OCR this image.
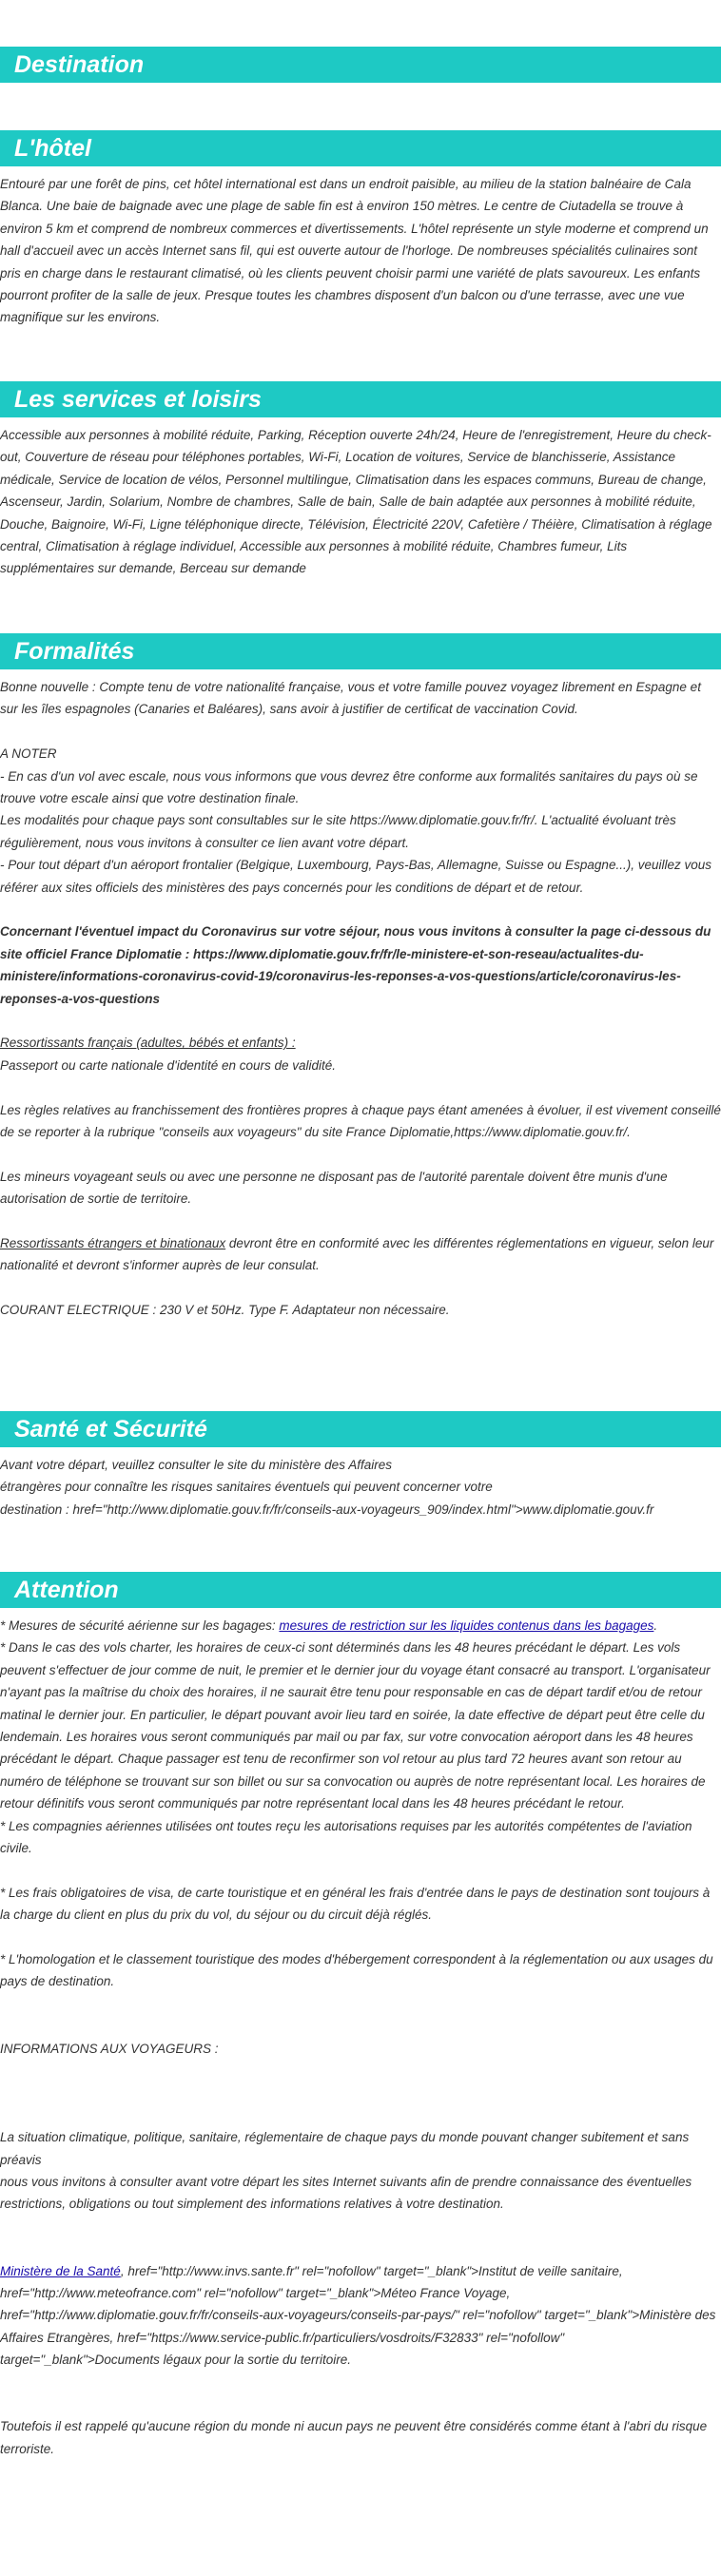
Destination
L'hôtel
Entouré par une forêt de pins, cet hôtel international est dans un endroit paisible, au milieu de la station balnéaire de Cala Blanca. Une baie de baignade avec une plage de sable fin est à environ 150 mètres. Le centre de Ciutadella se trouve à environ 5 km et comprend de nombreux commerces et divertissements. L'hôtel représente un style moderne et comprend un hall d'accueil avec un accès Internet sans fil, qui est ouverte autour de l'horloge. De nombreuses spécialités culinaires sont pris en charge dans le restaurant climatisé, où les clients peuvent choisir parmi une variété de plats savoureux. Les enfants pourront profiter de la salle de jeux. Presque toutes les chambres disposent d'un balcon ou d'une terrasse, avec une vue magnifique sur les environs.
Les services et loisirs
Accessible aux personnes à mobilité réduite, Parking, Réception ouverte 24h/24, Heure de l'enregistrement, Heure du check-out, Couverture de réseau pour téléphones portables, Wi-Fi, Location de voitures, Service de blanchisserie, Assistance médicale, Service de location de vélos, Personnel multilingue, Climatisation dans les espaces communs, Bureau de change, Ascenseur, Jardin, Solarium, Nombre de chambres, Salle de bain, Salle de bain adaptée aux personnes à mobilité réduite, Douche, Baignoire, Wi-Fi, Ligne téléphonique directe, Télévision, Électricité 220V, Cafetière / Théière, Climatisation à réglage central, Climatisation à réglage individuel, Accessible aux personnes à mobilité réduite, Chambres fumeur, Lits supplémentaires sur demande, Berceau sur demande
Formalités
Bonne nouvelle : Compte tenu de votre nationalité française, vous et votre famille pouvez voyagez librement en Espagne et sur les îles espagnoles (Canaries et Baléares), sans avoir à justifier de certificat de vaccination Covid.
A NOTER
- En cas d'un vol avec escale, nous vous informons que vous devrez être conforme aux formalités sanitaires du pays où se trouve votre escale ainsi que votre destination finale.
Les modalités pour chaque pays sont consultables sur le site https://www.diplomatie.gouv.fr/fr/. L'actualité évoluant très régulièrement, nous vous invitons à consulter ce lien avant votre départ.
- Pour tout départ d'un aéroport frontalier (Belgique, Luxembourg, Pays-Bas, Allemagne, Suisse ou Espagne...), veuillez vous référer aux sites officiels des ministères des pays concernés pour les conditions de départ et de retour.
Concernant l'éventuel impact du Coronavirus sur votre séjour, nous vous invitons à consulter la page ci-dessous du site officiel France Diplomatie : https://www.diplomatie.gouv.fr/fr/le-ministere-et-son-reseau/actualites-du-ministere/informations-coronavirus-covid-19/coronavirus-les-reponses-a-vos-questions/article/coronavirus-les-reponses-a-vos-questions
Ressortissants français (adultes, bébés et enfants) :
Passeport ou carte nationale d'identité en cours de validité.
Les règles relatives au franchissement des frontières propres à chaque pays étant amenées à évoluer, il est vivement conseillé de se reporter à la rubrique "conseils aux voyageurs" du site France Diplomatie,https://www.diplomatie.gouv.fr/.
Les mineurs voyageant seuls ou avec une personne ne disposant pas de l'autorité parentale doivent être munis d'une autorisation de sortie de territoire.
Ressortissants étrangers et binationaux devront être en conformité avec les différentes réglementations en vigueur, selon leur nationalité et devront s'informer auprès de leur consulat.
COURANT ELECTRIQUE : 230 V et 50Hz. Type F. Adaptateur non nécessaire.
Santé et Sécurité
Avant votre départ, veuillez consulter le site du ministère des Affaires
étrangères pour connaître les risques sanitaires éventuels qui peuvent concerner votre
destination : href="http://www.diplomatie.gouv.fr/fr/conseils-aux-voyageurs_909/index.html">www.diplomatie.gouv.fr
Attention
* Mesures de sécurité aérienne sur les bagages: mesures de restriction sur les liquides contenus dans les bagages.
* Dans le cas des vols charter, les horaires de ceux-ci sont déterminés dans les 48 heures précédant le départ. Les vols peuvent s'effectuer de jour comme de nuit, le premier et le dernier jour du voyage étant consacré au transport. L'organisateur n'ayant pas la maîtrise du choix des horaires, il ne saurait être tenu pour responsable en cas de départ tardif et/ou de retour matinal le dernier jour. En particulier, le départ pouvant avoir lieu tard en soirée, la date effective de départ peut être celle du lendemain. Les horaires vous seront communiqués par mail ou par fax, sur votre convocation aéroport dans les 48 heures précédant le départ. Chaque passager est tenu de reconfirmer son vol retour au plus tard 72 heures avant son retour au numéro de téléphone se trouvant sur son billet ou sur sa convocation ou auprès de notre représentant local. Les horaires de retour définitifs vous seront communiqués par notre représentant local dans les 48 heures précédant le retour.
* Les compagnies aériennes utilisées ont toutes reçu les autorisations requises par les autorités compétentes de l'aviation civile.
* Les frais obligatoires de visa, de carte touristique et en général les frais d'entrée dans le pays de destination sont toujours à la charge du client en plus du prix du vol, du séjour ou du circuit déjà réglés.
* L'homologation et le classement touristique des modes d'hébergement correspondent à la réglementation ou aux usages du pays de destination.
INFORMATIONS AUX VOYAGEURS :
La situation climatique, politique, sanitaire, réglementaire de chaque pays du monde pouvant changer subitement et sans préavis
nous vous invitons à consulter avant votre départ les sites Internet suivants afin de prendre connaissance des éventuelles restrictions, obligations ou tout simplement des informations relatives à votre destination.
Ministère de la Santé, href="http://www.invs.sante.fr" rel="nofollow" target="_blank">Institut de veille sanitaire, href="http://www.meteofrance.com" rel="nofollow" target="_blank">Méteo France Voyage, href="http://www.diplomatie.gouv.fr/fr/conseils-aux-voyageurs/conseils-par-pays/" rel="nofollow" target="_blank">Ministère des Affaires Etrangères, href="https://www.service-public.fr/particuliers/vosdroits/F32833" rel="nofollow" target="_blank">Documents légaux pour la sortie du territoire.
Toutefois il est rappelé qu'aucune région du monde ni aucun pays ne peuvent être considérés comme étant à l'abri du risque terroriste.
